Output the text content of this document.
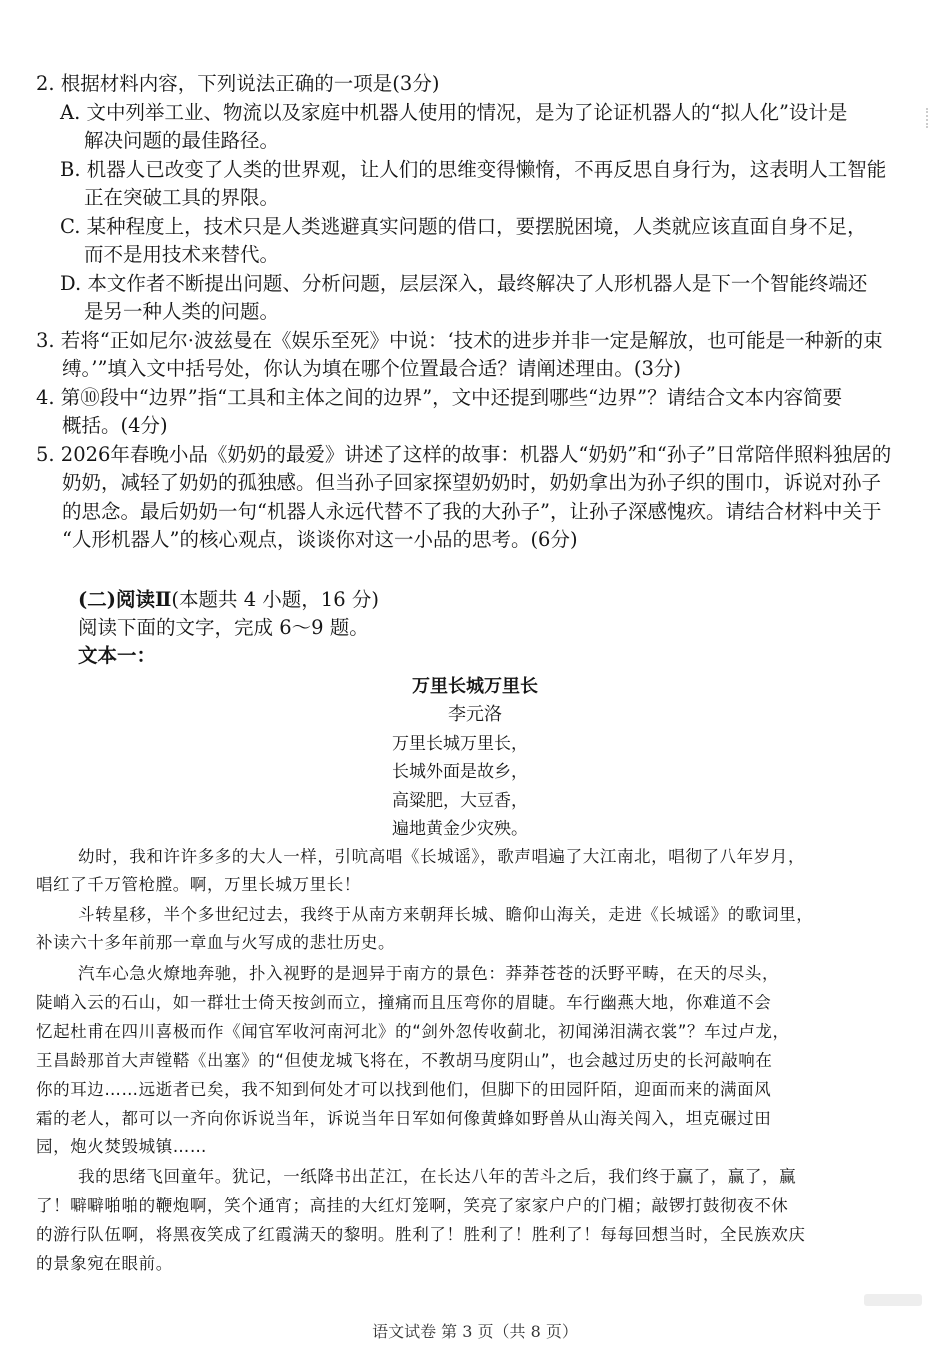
2. 根据材料内容，下列说法正确的一项是(3分)
A. 文中列举工业、物流以及家庭中机器人使用的情况，是为了论证机器人的“拟人化”设计是
解决问题的最佳路径。
B. 机器人已改变了人类的世界观，让人们的思维变得懒惰，不再反思自身行为，这表明人工智能
正在突破工具的界限。
C. 某种程度上，技术只是人类逃避真实问题的借口，要摆脱困境，人类就应该直面自身不足，
而不是用技术来替代。
D. 本文作者不断提出问题、分析问题，层层深入，最终解决了人形机器人是下一个智能终端还
是另一种人类的问题。
3. 若将“正如尼尔·波兹曼在《娱乐至死》中说：‘技术的进步并非一定是解放，也可能是一种新的束
缚。’”填入文中括号处，你认为填在哪个位置最合适？请阐述理由。(3分)
4. 第⑩段中“边界”指“工具和主体之间的边界”，文中还提到哪些“边界”？请结合文本内容简要
概括。(4分)
5. 2026年春晚小品《奶奶的最爱》讲述了这样的故事：机器人“奶奶”和“孙子”日常陪伴照料独居的
奶奶，减轻了奶奶的孤独感。但当孙子回家探望奶奶时，奶奶拿出为孙子织的围巾，诉说对孙子
的思念。最后奶奶一句“机器人永远代替不了我的大孙子”，让孙子深感愧疚。请结合材料中关于
“人形机器人”的核心观点，谈谈你对这一小品的思考。(6分)
(二)阅读Ⅱ(本题共 4 小题，16 分)
阅读下面的文字，完成 6～9 题。
文本一：
万里长城万里长
李元洛
万里长城万里长，
长城外面是故乡，
高粱肥，大豆香，
遍地黄金少灾殃。
幼时，我和许许多多的大人一样，引吭高唱《长城谣》，歌声唱遍了大江南北，唱彻了八年岁月，
唱红了千万管枪膛。啊，万里长城万里长！
斗转星移，半个多世纪过去，我终于从南方来朝拜长城、瞻仰山海关，走进《长城谣》的歌词里，
补读六十多年前那一章血与火写成的悲壮历史。
汽车心急火燎地奔驰，扑入视野的是迥异于南方的景色：莽莽苍苍的沃野平畴，在天的尽头，
陡峭入云的石山，如一群壮士倚天按剑而立，撞痛而且压弯你的眉睫。车行幽燕大地，你难道不会
忆起杜甫在四川喜极而作《闻官军收河南河北》的“剑外忽传收蓟北，初闻涕泪满衣裳”？车过卢龙，
王昌龄那首大声镗鞳《出塞》的“但使龙城飞将在，不教胡马度阴山”，也会越过历史的长河敲响在
你的耳边……远逝者已矣，我不知到何处才可以找到他们，但脚下的田园阡陌，迎面而来的满面风
霜的老人，都可以一齐向你诉说当年，诉说当年日军如何像黄蜂如野兽从山海关闯入，坦克碾过田
园，炮火焚毁城镇……
我的思绪飞回童年。犹记，一纸降书出芷江，在长达八年的苦斗之后，我们终于赢了，赢了，赢
了！噼噼啪啪的鞭炮啊，笑个通宵；高挂的大红灯笼啊，笑亮了家家户户的门楣；敲锣打鼓彻夜不休
的游行队伍啊，将黑夜笑成了红霞满天的黎明。胜利了！胜利了！胜利了！每每回想当时，全民族欢庆
的景象宛在眼前。
语文试卷 第 3 页（共 8 页）
